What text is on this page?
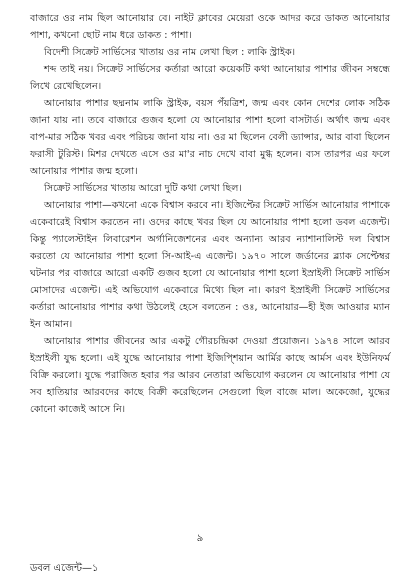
বাজারে ওর নাম ছিল আনোয়ার বে। নাইট ক্লাবের মেয়েরা ওকে আদর করে ডাকত আনোয়ার পাশা, কখনো ছোট নাম ধরে ডাকত : পাশা।

বিদেশী সিক্রেট সার্ভিসের খাতায় ওর নাম লেখা ছিল : লাকি স্ট্রাইক।

শব্দ তাই নয়। সিক্রেট সার্ভিসের কর্তারা আরো কয়েকটি কথা আনোয়ার পাশার জীবন সম্বন্ধে লিখে রেখেছিলেন।

আনোয়ার পাশার ছদ্মনাম লাকি স্ট্রাইক, বয়স পঁয়ত্রিশ, জন্ম এবং কোন দেশের লোক সঠিক জানা যায় না। তবে বাজারে গুজব হলো যে আনোয়ার পাশা হলো বাসটার্ড। অর্থাৎ জন্ম এবং বাপ-মার সঠিক খবর এবং পরিচয় জানা যায় না। ওর মা ছিলেন বেলী ড্যান্সার, আর বাবা ছিলেন ফরাসী টুরিস্ট। মিশর দেখতে এসে ওর মা'র নাচ দেখে বাবা মুগ্ধ হলেন। ব্যস তারপর এর ফলে আনোয়ার পাশার জন্ম হলো।

সিক্রেট সার্ভিসের খাতায় আরো দুটি কথা লেখা ছিল।

আনোয়ার পাশা—কখনো একে বিশ্বাস করবে না। ইজিপ্টের সিক্রেট সার্ভিস আনোয়ার পাশাকে একেবারেই বিশ্বাস করতেন না। ওদের কাছে খবর ছিল যে আনোয়ার পাশা হলো ডবল এজেন্ট। কিন্তু প্যালেস্টাইন লিবারেশন অর্গানিজেশনের এবং অন্যান্য আরব ন্যাশানালিস্ট দল বিশ্বাস করতো যে আনোয়ার পাশা হলো সি-আই-এ এজেন্ট। ১৯৭০ সালে জর্ডানের ব্ল্যাক সেপ্টেম্বর ঘটনার পর বাজারে আরো একটি গুজব হলো যে আনোয়ার পাশা হলো ইস্রাইলী সিক্রেট সার্ভিস মোসাদের এজেন্ট। এই অভিযোগ একেবারে মিথ্যে ছিল না। কারণ ইস্রাইলী সিক্রেট সার্ভিসের কর্তারা আনোয়ার পাশার কথা উঠলেই হেসে বলতেন : ওঃ, আনোয়ার—হী ইজ আওয়ার ম্যান ইন আমান।

আনোয়ার পাশার জীবনের আর একটু গৌরচন্দ্রিকা দেওয়া প্রয়োজন। ১৯৭৪ সালে আরব ইস্রাইলী যুদ্ধ হলো। এই যুদ্ধে আনোয়ার পাশা ইজিপ্শিয়ান আর্মির কাছে আর্মস এবং ইউনিফর্ম বিক্রি করলো। যুদ্ধে পরাজিত হবার পর আরব নেতারা অভিযোগ করলেন যে আনোয়ার পাশা যে সব হাতিয়ার আরবদের কাছে বিক্রী করেছিলেন সেগুলো ছিল বাজে মাল। অকেজো, যুদ্ধের কোনো কাজেই আসে নি।

৯
ডবল এজেন্ট—১
